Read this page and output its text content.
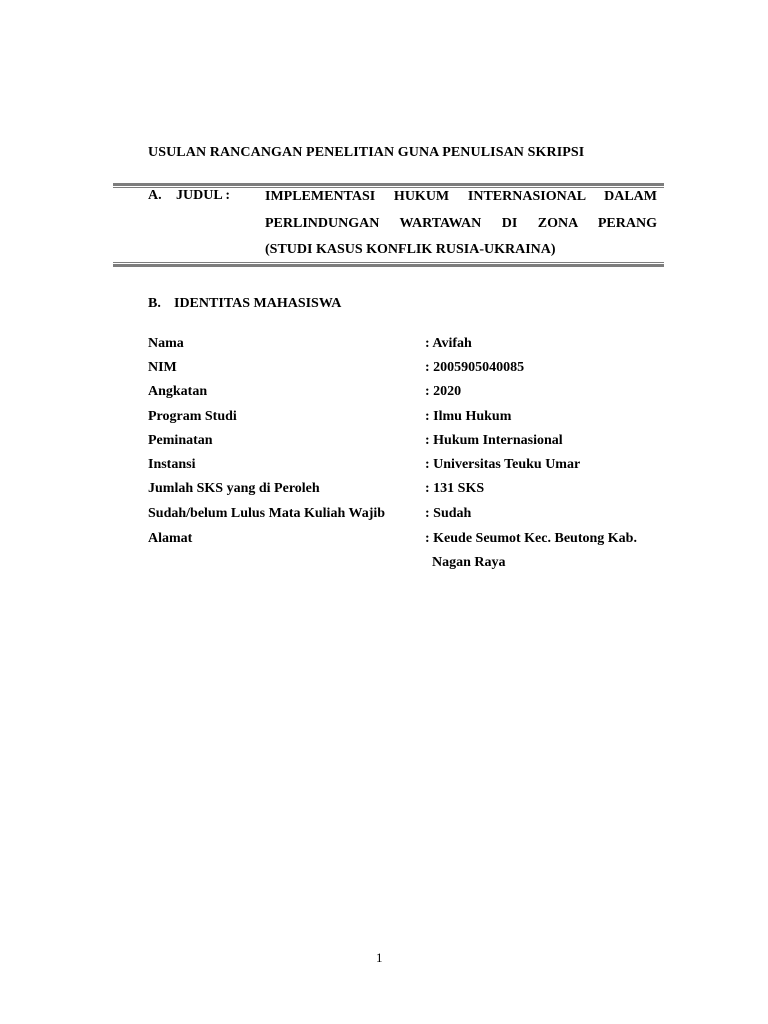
USULAN RANCANGAN PENELITIAN GUNA PENULISAN SKRIPSI
A. JUDUL : IMPLEMENTASI HUKUM INTERNASIONAL DALAM
PERLINDUNGAN WARTAWAN DI ZONA PERANG
(STUDI KASUS KONFLIK RUSIA-UKRAINA)
B. IDENTITAS MAHASISWA
Nama	: Avifah
NIM	: 2005905040085
Angkatan	: 2020
Program Studi	: Ilmu Hukum
Peminatan	: Hukum Internasional
Instansi	: Universitas Teuku Umar
Jumlah SKS yang di Peroleh	: 131 SKS
Sudah/belum Lulus Mata Kuliah Wajib	: Sudah
Alamat	: Keude Seumot Kec. Beutong Kab.
Nagan Raya
1
